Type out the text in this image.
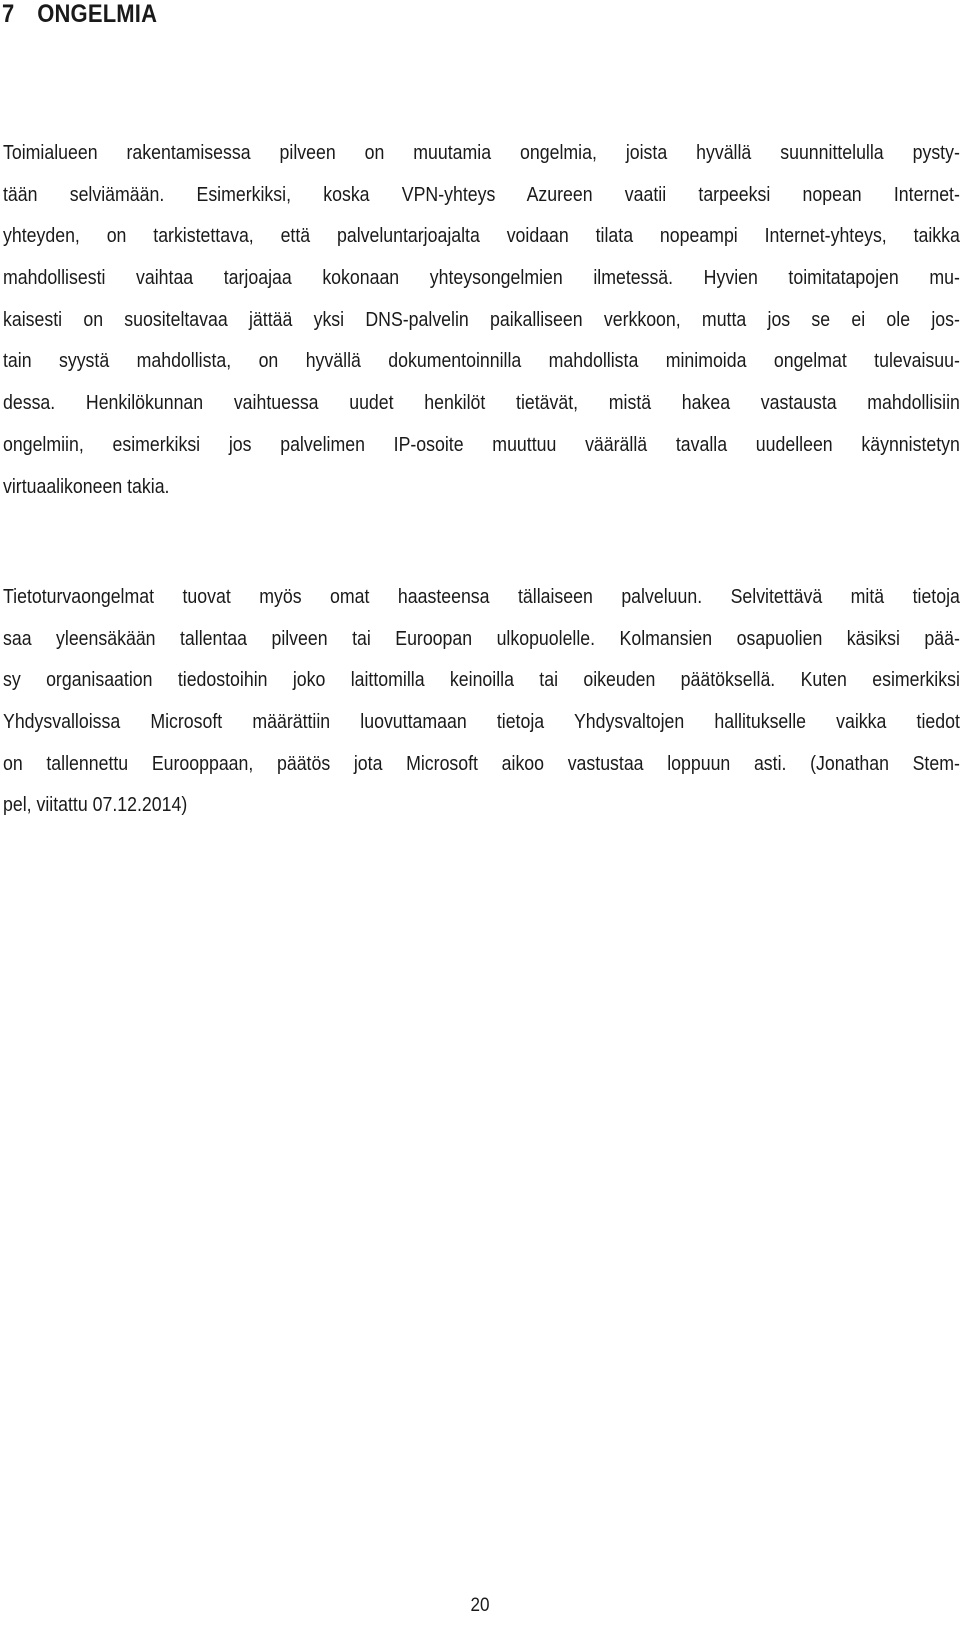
7 ONGELMIA
Toimialueen rakentamisessa pilveen on muutamia ongelmia, joista hyvällä suunnittelulla pysty-
tään selviämään. Esimerkiksi, koska VPN-yhteys Azureen vaatii tarpeeksi nopean Internet-
yhteyden, on tarkistettava, että palveluntarjoajalta voidaan tilata nopeampi Internet-yhteys, taikka
mahdollisesti vaihtaa tarjoajaa kokonaan yhteysongelmien ilmetessä. Hyvien toimitatapojen mu-
kaisesti on suositeltavaa jättää yksi DNS-palvelin paikalliseen verkkoon, mutta jos se ei ole jos-
tain syystä mahdollista, on hyvällä dokumentoinnilla mahdollista minimoida ongelmat tulevaisuu-
dessa. Henkilökunnan vaihtuessa uudet henkilöt tietävät, mistä hakea vastausta mahdollisiin
ongelmiin, esimerkiksi jos palvelimen IP-osoite muuttuu väärällä tavalla uudelleen käynnistetyn
virtuaalikoneen takia.
Tietoturvaongelmat tuovat myös omat haasteensa tällaiseen palveluun. Selvitettävä mitä tietoja
saa yleensäkään tallentaa pilveen tai Euroopan ulkopuolelle. Kolmansien osapuolien käsiksi pää-
sy organisaation tiedostoihin joko laittomilla keinoilla tai oikeuden päätöksellä. Kuten esimerkiksi
Yhdysvalloissa Microsoft määrättiin luovuttamaan tietoja Yhdysvaltojen hallitukselle vaikka tiedot
on tallennettu Eurooppaan, päätös jota Microsoft aikoo vastustaa loppuun asti. (Jonathan Stem-
pel, viitattu 07.12.2014)
20
